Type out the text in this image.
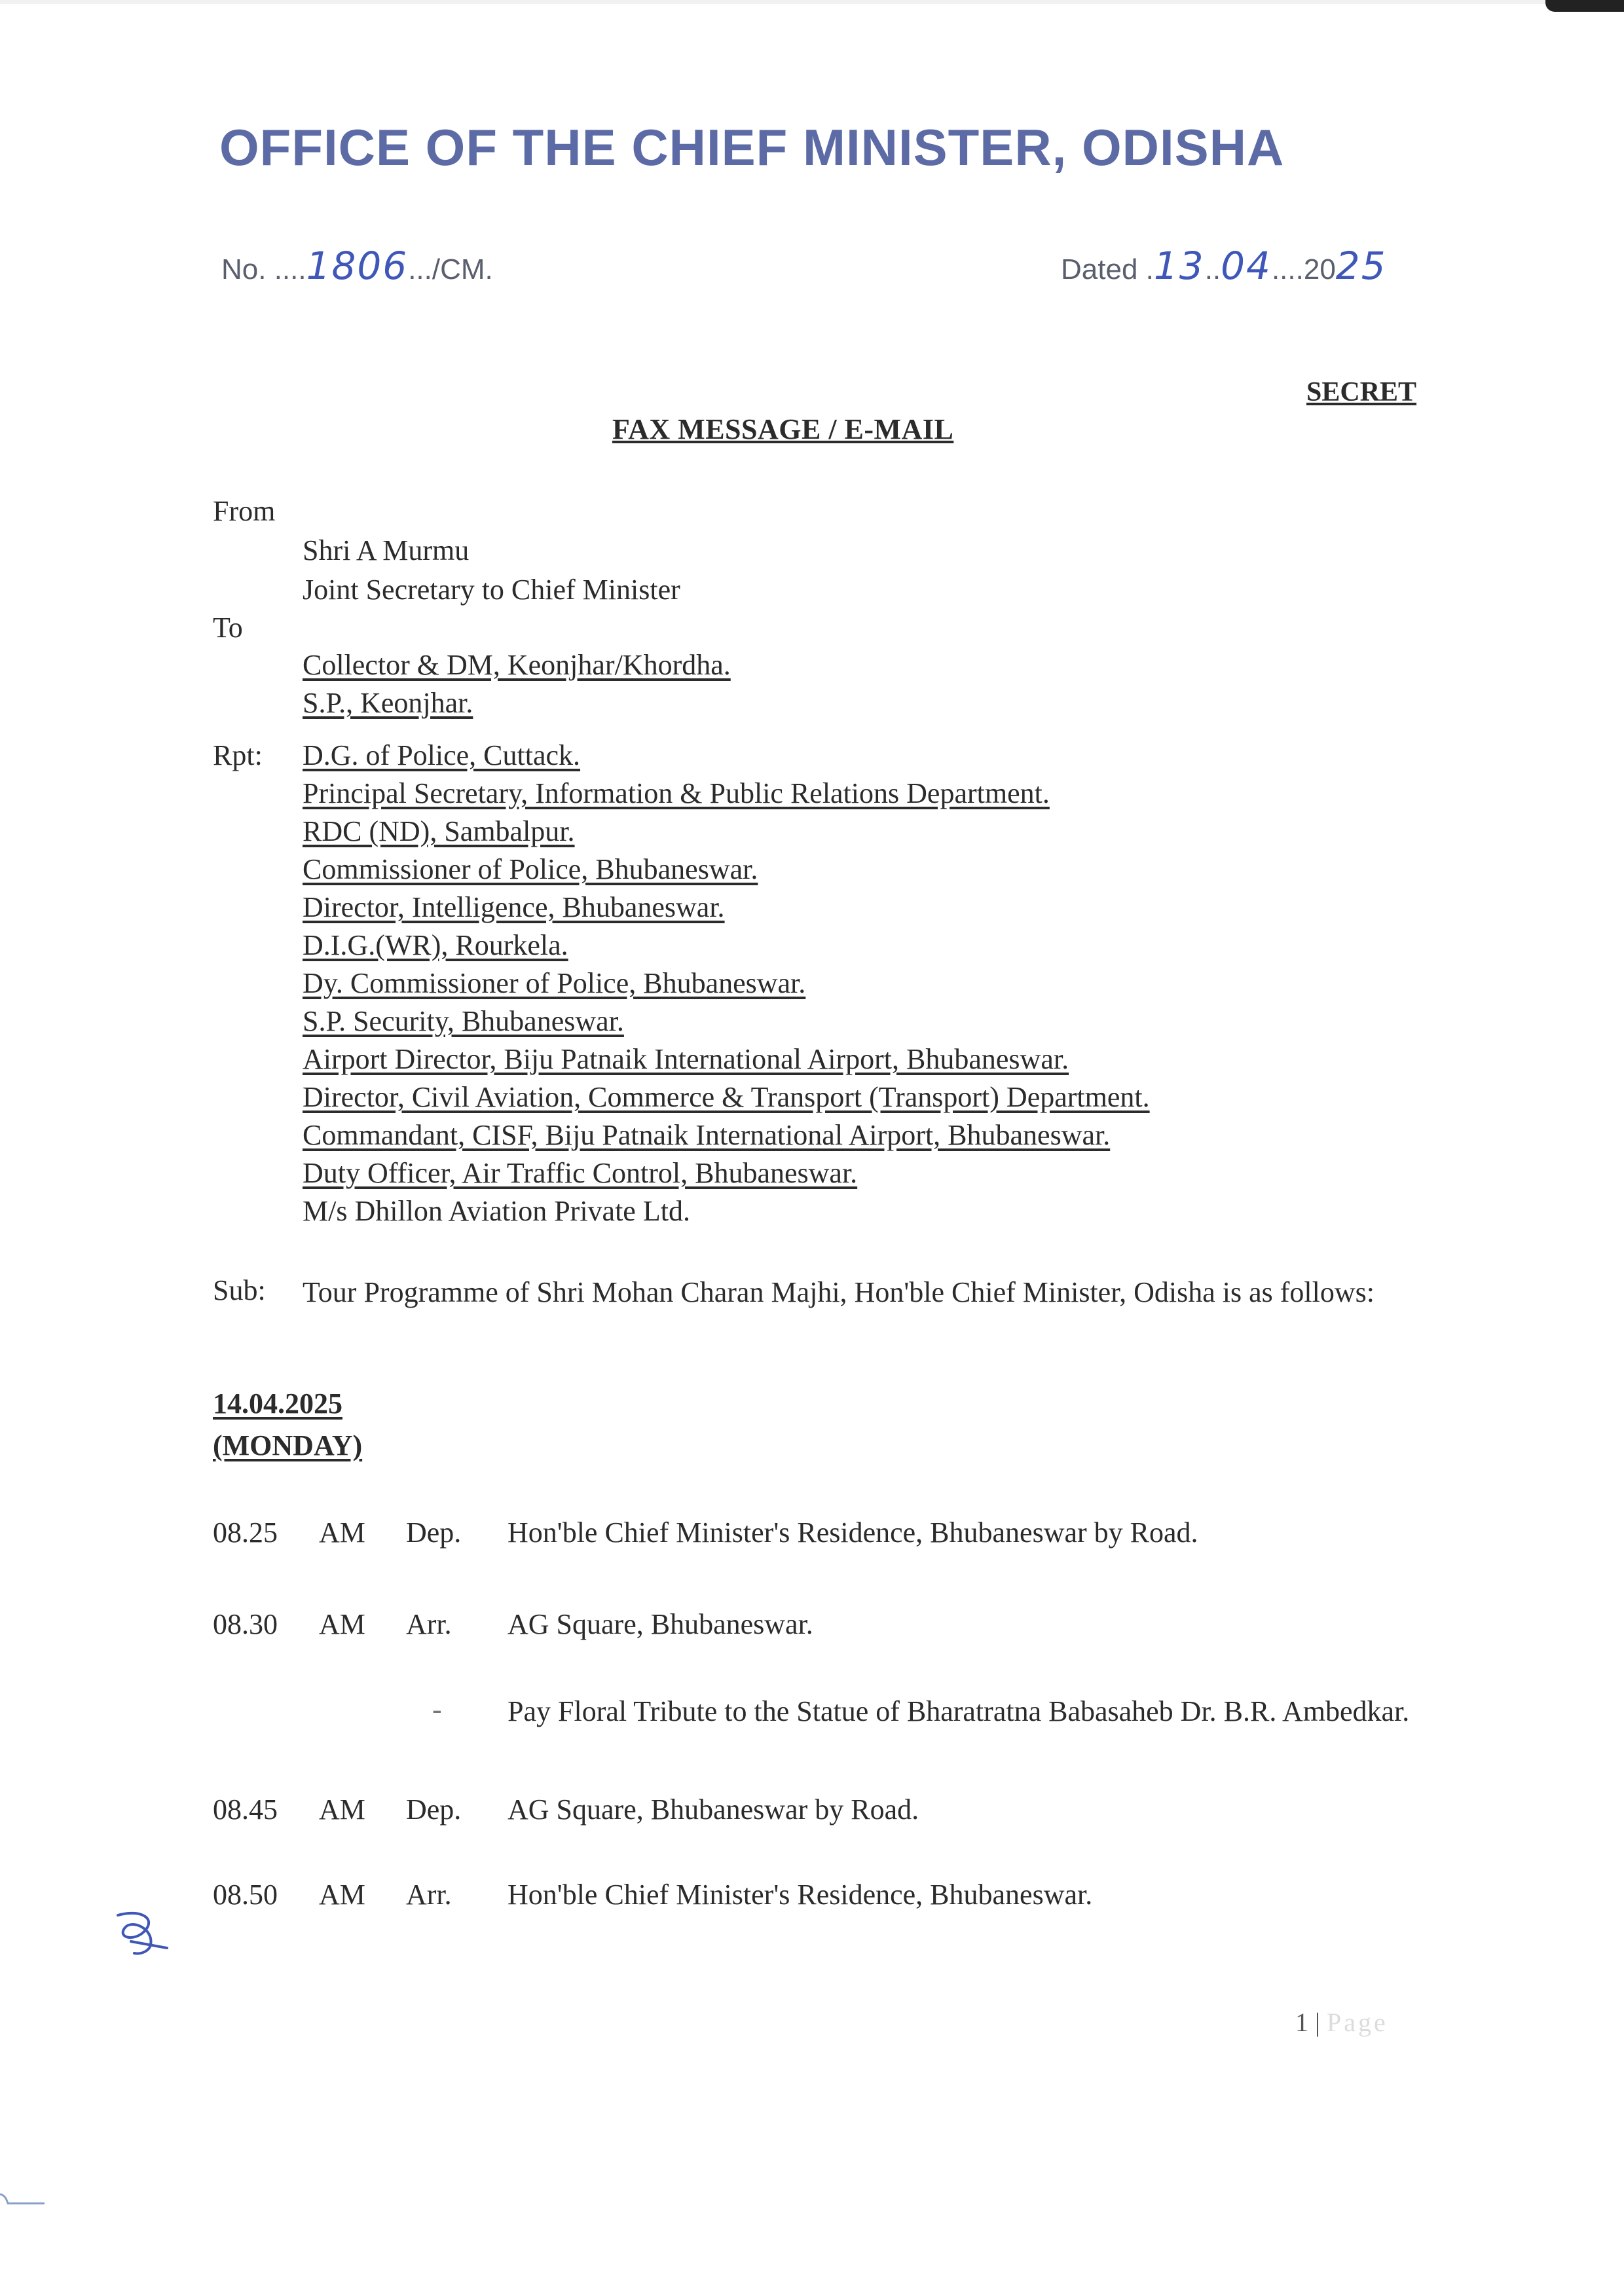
OFFICE OF THE CHIEF MINISTER, ODISHA
No. ....1806.../CM.	Dated .13..04....2025
SECRET
FAX MESSAGE / E-MAIL
From
Shri A Murmu
Joint Secretary to Chief Minister
To
Collector & DM, Keonjhar/Khordha.
S.P., Keonjhar.
Rpt: D.G. of Police, Cuttack.
Principal Secretary, Information & Public Relations Department.
RDC (ND), Sambalpur.
Commissioner of Police, Bhubaneswar.
Director, Intelligence, Bhubaneswar.
D.I.G.(WR), Rourkela.
Dy. Commissioner of Police, Bhubaneswar.
S.P. Security, Bhubaneswar.
Airport Director, Biju Patnaik International Airport, Bhubaneswar.
Director, Civil Aviation, Commerce & Transport (Transport) Department.
Commandant, CISF, Biju Patnaik International Airport, Bhubaneswar.
Duty Officer, Air Traffic Control, Bhubaneswar.
M/s Dhillon Aviation Private Ltd.
Sub: Tour Programme of Shri Mohan Charan Majhi, Hon'ble Chief Minister, Odisha is as follows:
14.04.2025
(MONDAY)
08.25 AM Dep. Hon'ble Chief Minister's Residence, Bhubaneswar by Road.
08.30 AM Arr. AG Square, Bhubaneswar.
- Pay Floral Tribute to the Statue of Bharatratna Babasaheb Dr. B.R. Ambedkar.
08.45 AM Dep. AG Square, Bhubaneswar by Road.
08.50 AM Arr. Hon'ble Chief Minister's Residence, Bhubaneswar.
1 | Page
